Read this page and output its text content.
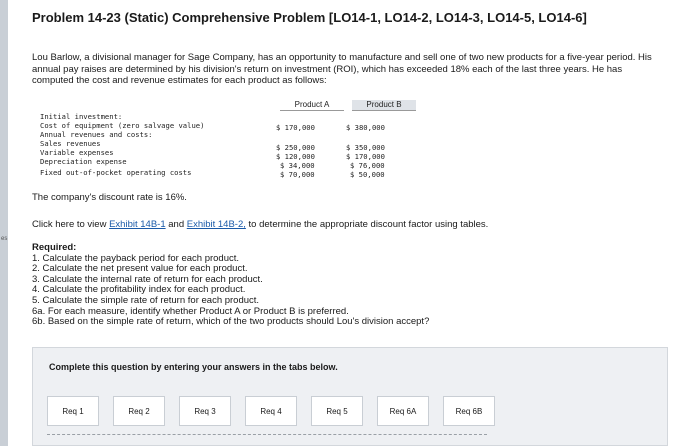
es
Problem 14-23 (Static) Comprehensive Problem [LO14-1, LO14-2, LO14-3, LO14-5, LO14-6]
Lou Barlow, a divisional manager for Sage Company, has an opportunity to manufacture and sell one of two new products for a five-year period. His annual pay raises are determined by his division's return on investment (ROI), which has exceeded 18% each of the last three years. He has computed the cost and revenue estimates for each product as follows:
Product A	Product B
Initial investment:
Cost of equipment (zero salvage value)	$ 170,000	$ 380,000
Annual revenues and costs:
Sales revenues	$ 250,000	$ 350,000
Variable expenses	$ 120,000	$ 170,000
Depreciation expense	$ 34,000	$ 76,000
Fixed out-of-pocket operating costs	$ 70,000	$ 50,000
The company's discount rate is 16%.
Click here to view Exhibit 14B-1 and Exhibit 14B-2, to determine the appropriate discount factor using tables.
Required:
1. Calculate the payback period for each product.
2. Calculate the net present value for each product.
3. Calculate the internal rate of return for each product.
4. Calculate the profitability index for each product.
5. Calculate the simple rate of return for each product.
6a. For each measure, identify whether Product A or Product B is preferred.
6b. Based on the simple rate of return, which of the two products should Lou's division accept?
Complete this question by entering your answers in the tabs below.
Req 1	Req 2	Req 3	Req 4	Req 5	Req 6A	Req 6B
